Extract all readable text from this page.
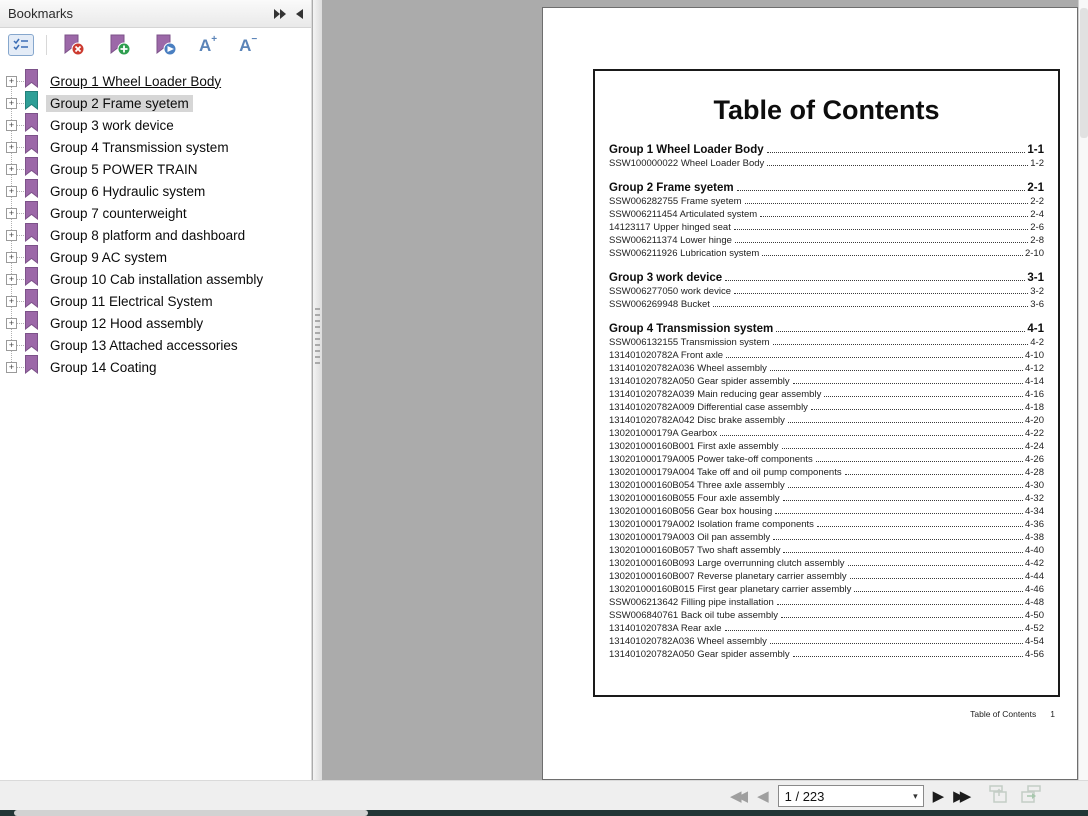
Bookmarks
A+ A−
+	Group 1 Wheel Loader Body
+	Group 2 Frame syetem
+	Group 3 work device
+	Group 4 Transmission system
+	Group 5 POWER TRAIN
+	Group 6 Hydraulic system
+	Group 7 counterweight
+	Group 8 platform and dashboard
+	Group 9 AC system
+	Group 10 Cab installation assembly
+	Group 11 Electrical System
+	Group 12 Hood assembly
+	Group 13 Attached accessories
+	Group 14 Coating
Table of Contents
Group 1 Wheel Loader Body	1-1
SSW100000022 Wheel Loader Body	1-2
Group 2 Frame syetem	2-1
SSW006282755 Frame syetem	2-2
SSW006211454 Articulated system	2-4
14123117 Upper hinged seat	2-6
SSW006211374 Lower hinge	2-8
SSW006211926 Lubrication system	2-10
Group 3 work device	3-1
SSW006277050 work device	3-2
SSW006269948 Bucket	3-6
Group 4 Transmission system	4-1
SSW006132155 Transmission system	4-2
131401020782A Front axle	4-10
131401020782A036 Wheel assembly	4-12
131401020782A050 Gear spider assembly	4-14
131401020782A039 Main reducing gear assembly	4-16
131401020782A009 Differential case assembly	4-18
131401020782A042 Disc brake assembly	4-20
130201000179A Gearbox	4-22
130201000160B001 First axle assembly	4-24
130201000179A005 Power take-off components	4-26
130201000179A004 Take off and oil pump components	4-28
130201000160B054 Three axle assembly	4-30
130201000160B055 Four axle assembly	4-32
130201000160B056 Gear box housing	4-34
130201000179A002 Isolation frame components	4-36
130201000179A003 Oil pan assembly	4-38
130201000160B057 Two shaft assembly	4-40
130201000160B093 Large overrunning clutch assembly	4-42
130201000160B007 Reverse planetary carrier assembly	4-44
130201000160B015 First gear planetary carrier assembly	4-46
SSW006213642 Filling pipe installation	4-48
SSW006840761 Back oil tube assembly	4-50
131401020783A Rear axle	4-52
131401020782A036 Wheel assembly	4-54
131401020782A050 Gear spider assembly	4-56
Table of Contents 1
◀◀ ◀	1 / 223	▾	▶ ▶▶
